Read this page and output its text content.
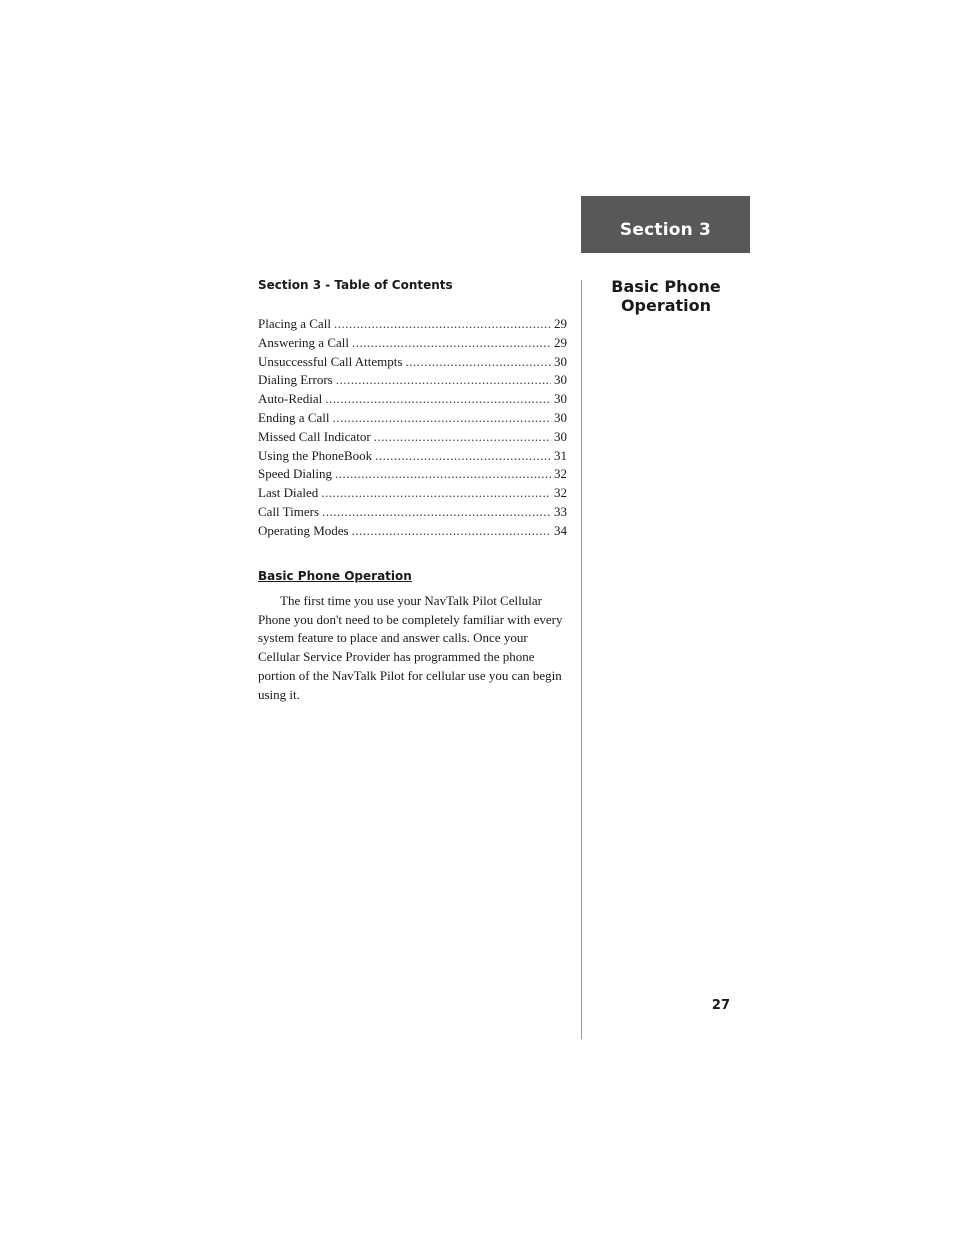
Section 3
Basic Phone
Operation
Section 3 - Table of Contents
Placing a Call .....	29
Answering a Call .....	29
Unsuccessful Call Attempts .....	30
Dialing Errors .....	30
Auto-Redial .....	30
Ending a Call .....	30
Missed Call Indicator .....	30
Using the PhoneBook .....	31
Speed Dialing .....	32
Last Dialed .....	32
Call Timers .....	33
Operating Modes .....	34
Basic Phone Operation

The first time you use your NavTalk Pilot Cellular Phone you don't need to be completely familiar with every system feature to place and answer calls. Once your Cellular Service Provider has programmed the phone portion of the NavTalk Pilot for cellular use you can begin using it.

27
